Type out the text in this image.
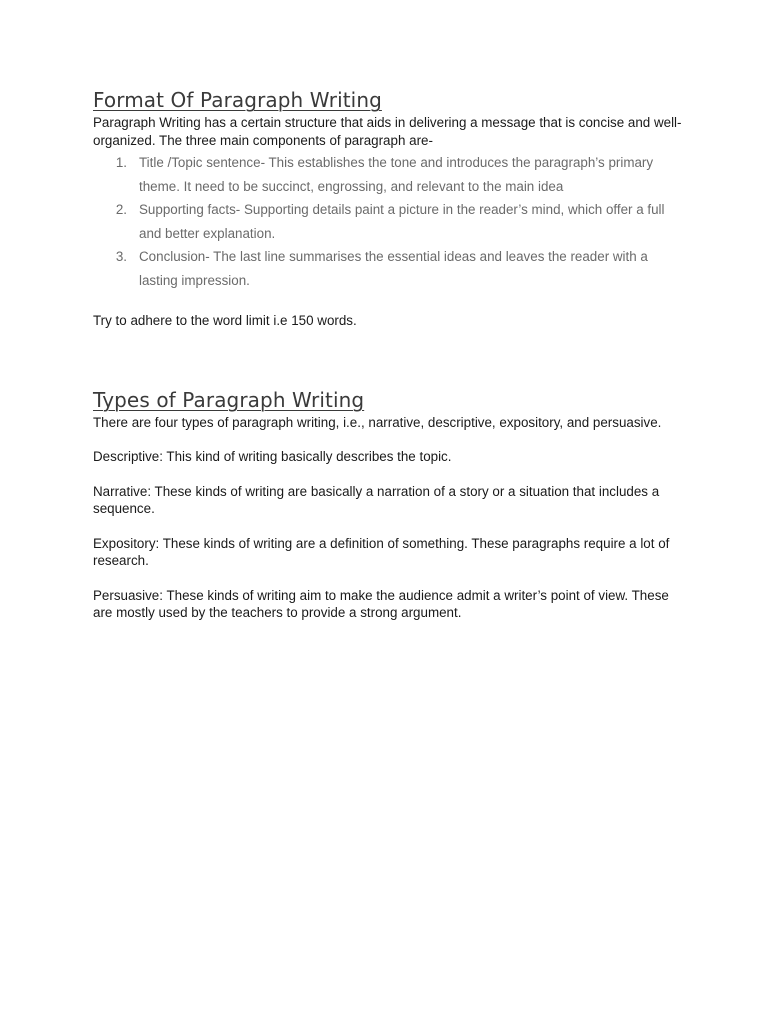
Format Of Paragraph Writing

Paragraph Writing has a certain structure that aids in delivering a message that is concise and well-organized. The three main components of paragraph are-

1. Title /Topic sentence- This establishes the tone and introduces the paragraph’s primary theme. It need to be succinct, engrossing, and relevant to the main idea
2. Supporting facts- Supporting details paint a picture in the reader’s mind, which offer a full and better explanation.
3. Conclusion- The last line summarises the essential ideas and leaves the reader with a lasting impression.

Try to adhere to the word limit i.e 150 words.

Types of Paragraph Writing

There are four types of paragraph writing, i.e., narrative, descriptive, expository, and persuasive.

Descriptive: This kind of writing basically describes the topic.

Narrative: These kinds of writing are basically a narration of a story or a situation that includes a sequence.

Expository: These kinds of writing are a definition of something. These paragraphs require a lot of research.

Persuasive: These kinds of writing aim to make the audience admit a writer’s point of view. These are mostly used by the teachers to provide a strong argument.
